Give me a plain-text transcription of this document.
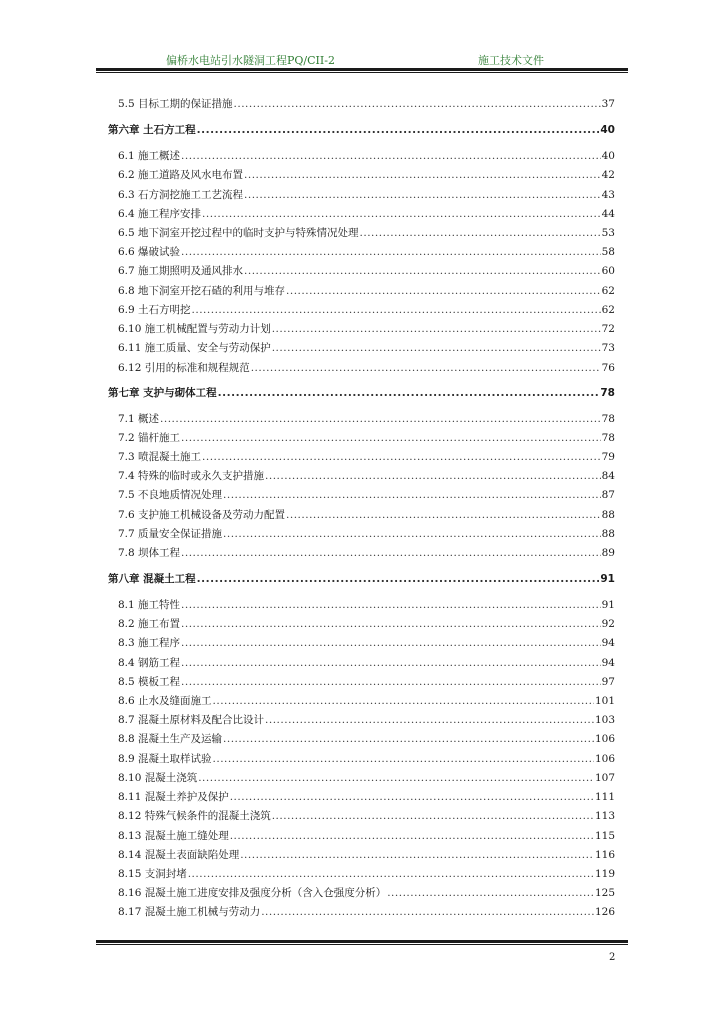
偏桥水电站引水隧洞工程PQ/CII-2	施工技术文件
5.5 目标工期的保证措施 .....	37
第六章 土石方工程 .....	40
6.1 施工概述 .....	40
6.2 施工道路及风水电布置 .....	42
6.3 石方洞挖施工工艺流程 .....	43
6.4 施工程序安排 .....	44
6.5 地下洞室开挖过程中的临时支护与特殊情况处理 .....	53
6.6 爆破试验 .....	58
6.7 施工期照明及通风排水 .....	60
6.8 地下洞室开挖石碴的利用与堆存 .....	62
6.9 土石方明挖 .....	62
6.10 施工机械配置与劳动力计划 .....	72
6.11 施工质量、安全与劳动保护 .....	73
6.12 引用的标准和规程规范 .....	76
第七章 支护与砌体工程 .....	78
7.1 概述 .....	78
7.2 锚杆施工 .....	78
7.3 喷混凝土施工 .....	79
7.4 特殊的临时或永久支护措施 .....	84
7.5 不良地质情况处理 .....	87
7.6 支护施工机械设备及劳动力配置 .....	88
7.7 质量安全保证措施 .....	88
7.8 坝体工程 .....	89
第八章 混凝土工程 .....	91
8.1 施工特性 .....	91
8.2 施工布置 .....	92
8.3 施工程序 .....	94
8.4 钢筋工程 .....	94
8.5 模板工程 .....	97
8.6 止水及缝面施工 .....	101
8.7 混凝土原材料及配合比设计 .....	103
8.8 混凝土生产及运输 .....	106
8.9 混凝土取样试验 .....	106
8.10 混凝土浇筑 .....	107
8.11 混凝土养护及保护 .....	111
8.12 特殊气候条件的混凝土浇筑 .....	113
8.13 混凝土施工缝处理 .....	115
8.14 混凝土表面缺陷处理 .....	116
8.15 支洞封堵 .....	119
8.16 混凝土施工进度安排及强度分析（含入仓强度分析） .....	125
8.17 混凝土施工机械与劳动力 .....	126
2
